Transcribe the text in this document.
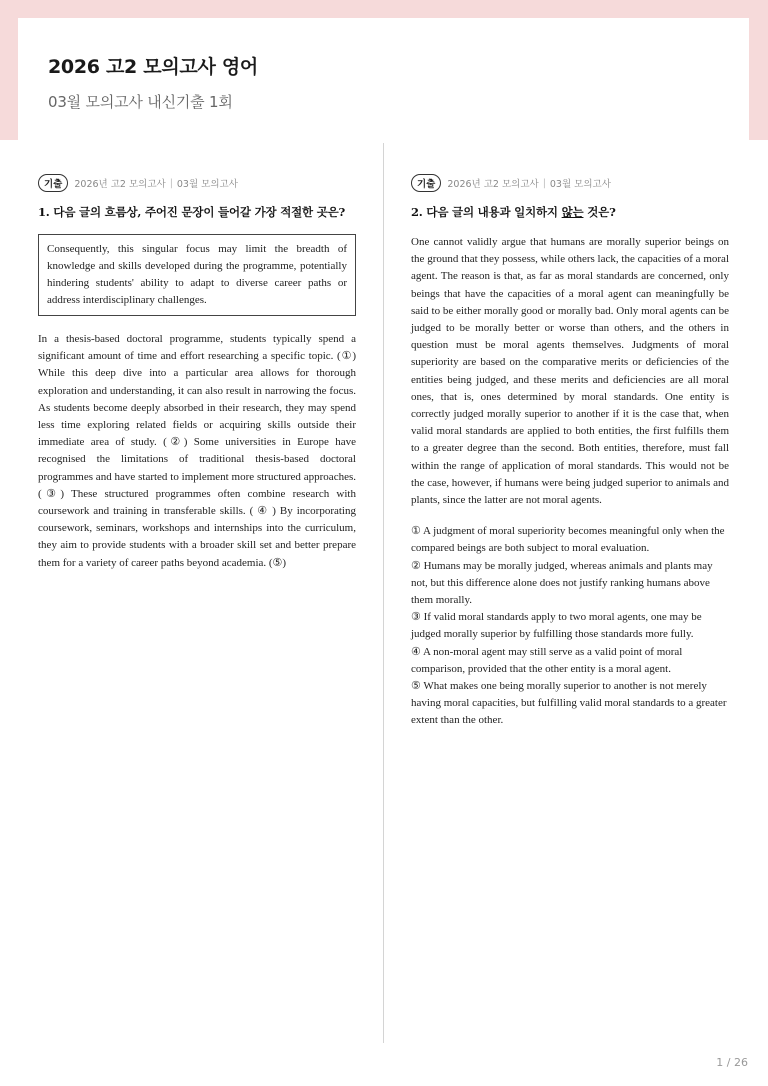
2026 고2 모의고사 영어
03월 모의고사 내신기출 1회
기출	2026년 고2 모의고사 | 03월 모의고사
1. 다음 글의 흐름상, 주어진 문장이 들어갈 가장 적절한 곳은?
Consequently, this singular focus may limit the breadth of knowledge and skills developed during the programme, potentially hindering students' ability to adapt to diverse career paths or address interdisciplinary challenges.
In a thesis-based doctoral programme, students typically spend a significant amount of time and effort researching a specific topic. (①) While this deep dive into a particular area allows for thorough exploration and understanding, it can also result in narrowing the focus. As students become deeply absorbed in their research, they may spend less time exploring related fields or acquiring skills outside their immediate area of study. (②) Some universities in Europe have recognised the limitations of traditional thesis-based doctoral programmes and have started to implement more structured approaches. (③) These structured programmes often combine research with coursework and training in transferable skills. ( ④ ) By incorporating coursework, seminars, workshops and internships into the curriculum, they aim to provide students with a broader skill set and better prepare them for a variety of career paths beyond academia. (⑤)
기출	2026년 고2 모의고사 | 03월 모의고사
2. 다음 글의 내용과 일치하지 않는 것은?
One cannot validly argue that humans are morally superior beings on the ground that they possess, while others lack, the capacities of a moral agent. The reason is that, as far as moral standards are concerned, only beings that have the capacities of a moral agent can meaningfully be said to be either morally good or morally bad. Only moral agents can be judged to be morally better or worse than others, and the others in question must be moral agents themselves. Judgments of moral superiority are based on the comparative merits or deficiencies of the entities being judged, and these merits and deficiencies are all moral ones, that is, ones determined by moral standards. One entity is correctly judged morally superior to another if it is the case that, when valid moral standards are applied to both entities, the first fulfills them to a greater degree than the second. Both entities, therefore, must fall within the range of application of moral standards. This would not be the case, however, if humans were being judged superior to animals and plants, since the latter are not moral agents.

① A judgment of moral superiority becomes meaningful only when the compared beings are both subject to moral evaluation.

② Humans may be morally judged, whereas animals and plants may not, but this difference alone does not justify ranking humans above them morally.

③ If valid moral standards apply to two moral agents, one may be judged morally superior by fulfilling those standards more fully.

④ A non-moral agent may still serve as a valid point of moral comparison, provided that the other entity is a moral agent.

⑤ What makes one being morally superior to another is not merely having moral capacities, but fulfilling valid moral standards to a greater extent than the other.

1 / 26
